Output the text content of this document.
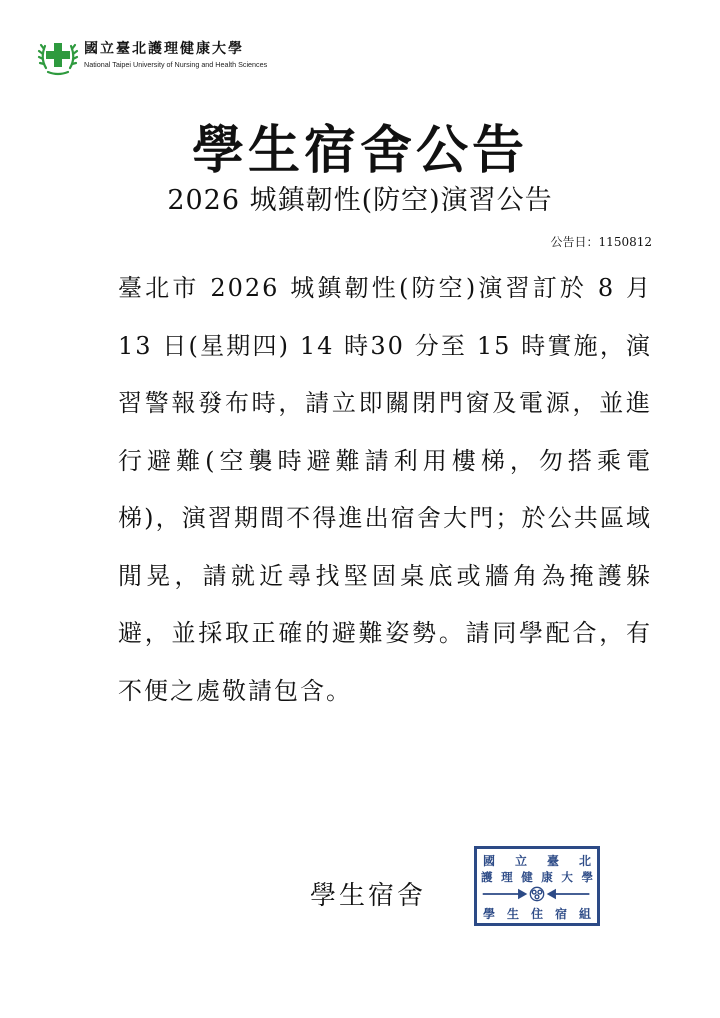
國立臺北護理健康大學
National Taipei University of Nursing and Health Sciences
學生宿舍公告
2026 城鎮韌性(防空)演習公告
公告日：1150812
臺北市 2026 城鎮韌性(防空)演習訂於 8 月 13 日(星期四) 14 時30 分至 15 時實施，演習警報發布時，請立即關閉門窗及電源，並進行避難(空襲時避難請利用樓梯，勿搭乘電梯)，演習期間不得進出宿舍大門；於公共區域閒晃，請就近尋找堅固桌底或牆角為掩護躲避，並採取正確的避難姿勢。請同學配合，有不便之處敬請包含。
學生宿舍
國 立 臺 北
護 理 健 康 大 學
學 生 住 宿 組
